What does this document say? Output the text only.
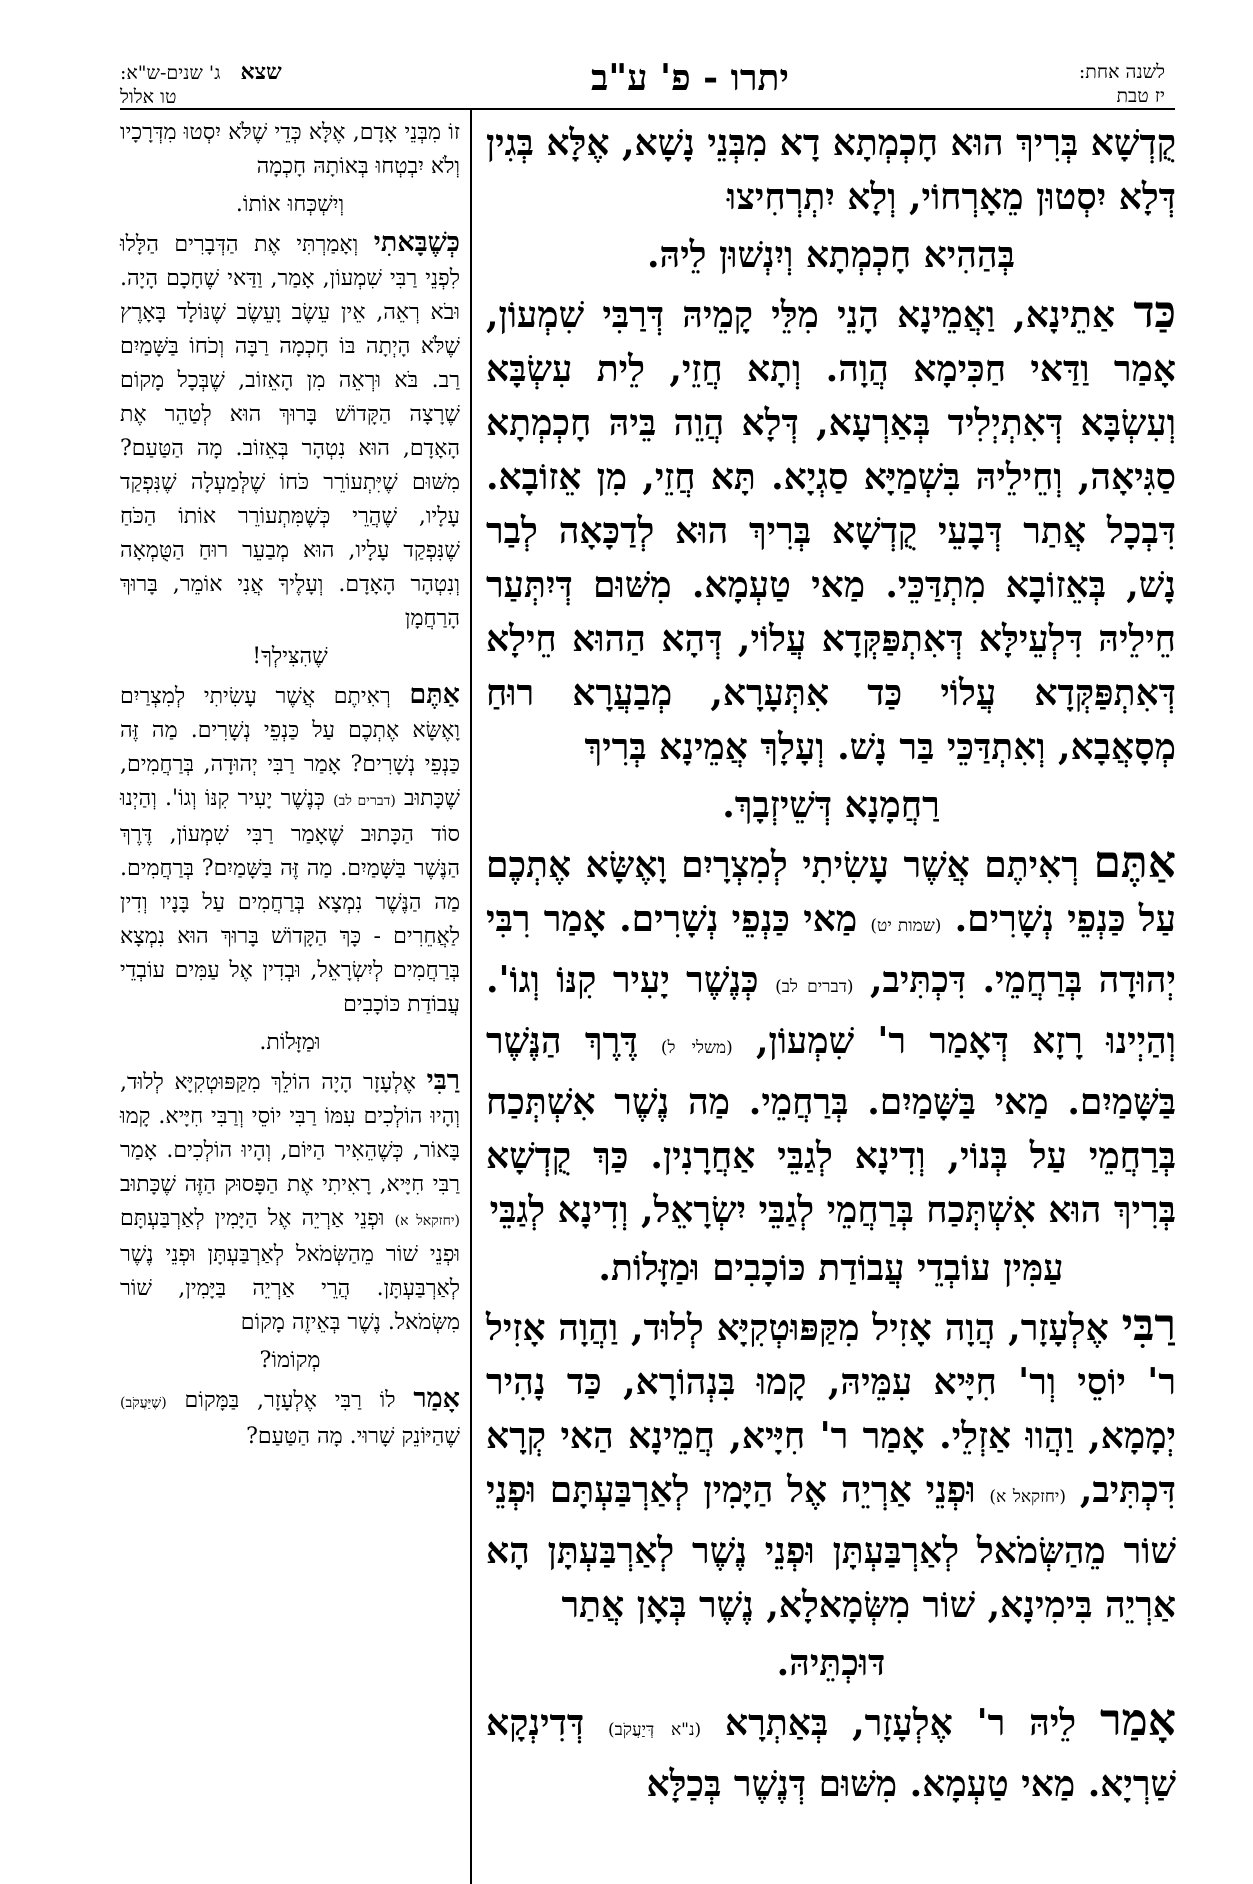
לשנה אחת:
יז טבת
יתרו - פ' ע"ב
שצא ג' שנים-ש"א:
טו אלול

קֻדְשָׁא בְּרִיךְ הוּא חָכְמְתָא דָא מִבְּנֵי נָשָׁא, אֶלָּא בְּגִין דְּלָא יִסְטוּן מֵאָרְחוֹי, וְלָא יִתְרְחִיצוּ

בְּהַהִיא חָכְמְתָא וְיִנְשׁוּן לֵיהּ.

כַּד אַתֵינָא, וַאֲמֵינָא הָנֵי מִלֵּי קָמֵיהּ דְּרַבִּי שִׁמְעוֹן, אָמַר וַדַּאי חַכִּימָא הֲוָה. וְתָא חֲזֵי, לֵית עִשְׂבָּא וְעִשְׂבָּא דְּאִתְיְלִיד בְּאַרְעָא, דְּלָא הֲוֵה בֵּיהּ חָכְמְתָא סַגִּיאָה, וְחֵילֵיהּ בִּשְׁמַיָּא סַגְיָא. תָּא חֲזֵי, מִן אֵזוֹבָא. דִּבְכָל אֲתַר דְּבָעֵי קֻדְשָׁא בְּרִיךְ הוּא לְדַכָּאָה לְבַר נָשׁ, בְּאֵזוֹבָא מִתְדַּכֵּי. מַאי טַעְמָא. מִשּׁוּם דְּיִתְּעַר חֵילֵיהּ דִּלְעֵילָּא דְּאִתְפַּקְּדָא עֲלוֹי, דְּהָא הַהוּא חֵילָא דְּאִתְפַּקְּדָא עֲלוֹי כַּד אִתְּעָרָא, מְבַעֲרָא רוּחַ מְסָאֲבָא, וְאִתְדַּכֵּי בַּר נָשׁ. וְעָלָךְ אֲמֵינָא בְּרִיךְ

רַחֲמָנָא דְּשֵׁיזְבָךְ.

אַתֶּם רְאִיתֶם אֲשֶׁר עָשִׂיתִי לְמִצְרָיִם וָאֶשָּׂא אֶתְכֶם עַל כַּנְפֵי נְשָׁרִים. (שמות יט) מַאי כַּנְפֵי נְשָׁרִים. אָמַר רִבִּי יְהוּדָה בְּרַחֲמֵי. דִּכְתִּיב, (דברים לב) כְּנֶשֶׁר יָעִיר קִנּוֹ וְגוֹ'. וְהַיְינוּ רָזָא דְּאָמַר ר' שִׁמְעוֹן, (משלי ל) דֶּרֶךְ הַנֶּשֶׁר בַּשָּׁמַיִם. מַאי בַּשָּׁמַיִם. בְּרַחֲמֵי. מַה נֶשֶׁר אִשְׁתְּכַח בְּרַחֲמֵי עַל בְּנוֹי, וְדִינָא לְגַבֵּי אַחֲרָנִין. כַּךְ קֻדְשָׁא בְּרִיךְ הוּא אִשְׁתְּכַח בְּרַחֲמֵי לְגַבֵּי יִשְׂרָאֵל, וְדִינָא לְגַבֵּי

עַמִּין עוֹבְדֵי עֲבוֹדַת כּוֹכָבִים וּמַזָּלוֹת.

רַבִּי אֶלְעָזָר, הֲוָה אָזִיל מִקַּפּוּטְקִיָּא לְלוּד, וַהֲוָה אָזִיל ר' יוֹסֵי וְר' חִיָּיא עִמֵּיהּ, קָמוּ בִּנְהוֹרָא, כַּד נָהִיר יְמָמָא, וַהֲווּ אַזְלֵי. אָמַר ר' חִיָּיא, חֲמֵינָא הַאי קְרָא דִּכְתִּיב, (יחזקאל א) וּפְנֵי אַרְיֵה אֶל הַיָּמִין לְאַרְבַּעְתָּם וּפְנֵי שׁוֹר מֵהַשְּׂמֹאל לְאַרְבַּעְתָּן וּפְנֵי נֶשֶׁר לְאַרְבַּעְתָּן הָא אַרְיֵה בִּימִינָא, שׁוֹר מִשְּׂמָאלָא, נֶשֶׁר בְּאָן אֲתַר

דּוּכְתֵּיהּ.

אָמַר לֵיהּ ר' אֶלְעָזָר, בְּאַתְרָא (נ"א דְּיַעֲקֹב) דְּדִינְקָא שַׁרְיָא. מַאי טַעְמָא. מִשּׁוּם דְּנֶשֶׁר בְּכַלָּא

זוֹ מִבְּנֵי אָדָם, אֶלָּא כְּדֵי שֶׁלֹּא יִסְטוּ מִדְּרָכָיו וְלֹא יִבְטְחוּ בְּאוֹתָהּ חָכְמָה

וְיִשְׁכְּחוּ אוֹתוֹ.

כְּשֶׁבָּאתִי וְאָמַרְתִּי אֶת הַדְּבָרִים הַלָּלוּ לִפְנֵי רַבִּי שִׁמְעוֹן, אָמַר, וַדַּאי שֶׁחָכָם הָיָה. וּבֹא רְאֵה, אֵין עֵשֶׂב וָעֵשֶׂב שֶׁנּוֹלָד בָּאָרֶץ שֶׁלֹּא הָיְתָה בּוֹ חָכְמָה רַבָּה וְכֹחוֹ בַּשָּׁמַיִם רַב. בֹּא וּרְאֵה מִן הָאֵזוֹב, שֶׁבְּכָל מָקוֹם שֶׁרָצָה הַקָּדוֹשׁ בָּרוּךְ הוּא לְטַהֵר אֶת הָאָדָם, הוּא נִטְהָר בְּאֵזוֹב. מָה הַטַּעַם? מִשּׁוּם שֶׁיִּתְעוֹרֵר כֹּחוֹ שֶׁלְּמַעְלָה שֶׁנִּפְקַד עָלָיו, שֶׁהֲרֵי כְּשֶׁמִּתְעוֹרֵר אוֹתוֹ הַכֹּחַ שֶׁנִּפְקַד עָלָיו, הוּא מְבַעֵר רוּחַ הַטֻּמְאָה וְנִטְהָר הָאָדָם. וְעָלֶיךָ אֲנִי אוֹמֵר, בָּרוּךְ הָרַחֲמָן

שֶׁהִצִּילְךָ!

אַתֶּם רְאִיתֶם אֲשֶׁר עָשִׂיתִי לְמִצְרַיִם וָאֶשָּׂא אֶתְכֶם עַל כַּנְפֵי נְשָׁרִים. מַה זֶּה כַּנְפֵי נְשָׁרִים? אָמַר רַבִּי יְהוּדָה, בְּרַחֲמִים, שֶׁכָּתוּב (דברים לב) כְּנֶשֶׁר יָעִיר קִנּוֹ וְגוֹ'. וְהַיְנוּ סוֹד הַכָּתוּב שֶׁאָמַר רַבִּי שִׁמְעוֹן, דֶּרֶךְ הַנֶּשֶׁר בַּשָּׁמַיִם. מַה זֶּה בַּשָּׁמַיִם? בְּרַחֲמִים. מַה הַנֶּשֶׁר נִמְצָא בְּרַחֲמִים עַל בָּנָיו וְדִין לַאֲחֵרִים - כָּךְ הַקָּדוֹשׁ בָּרוּךְ הוּא נִמְצָא בְּרַחֲמִים לְיִשְׂרָאֵל, וּבְדִין אֶל עַמִּים עוֹבְדֵי עֲבוֹדַת כּוֹכָבִים

וּמַזָּלוֹת.

רַבִּי אֶלְעָזָר הָיָה הוֹלֵךְ מִקַּפּוּטְקִיָּא לְלוּד, וְהָיוּ הוֹלְכִים עִמּוֹ רַבִּי יוֹסֵי וְרַבִּי חִיָּיא. קָמוּ בָּאוֹר, כְּשֶׁהֵאִיר הַיּוֹם, וְהָיוּ הוֹלְכִים. אָמַר רַבִּי חִיָּיא, רָאִיתִי אֶת הַפָּסוּק הַזֶּה שֶׁכָּתוּב (יחזקאל א) וּפְנֵי אַרְיֵה אֶל הַיָּמִין לְאַרְבַּעְתָּם וּפְנֵי שׁוֹר מֵהַשְּׂמֹאל לְאַרְבַּעְתָּן וּפְנֵי נֶשֶׁר לְאַרְבַּעְתָּן. הֲרֵי אַרְיֵה בַּיָּמִין, שׁוֹר מִשְּׂמֹאל. נֶשֶׁר בְּאֵיזֶה מָקוֹם

מְקוֹמוֹ?

אָמַר לוֹ רַבִּי אֶלְעָזָר, בַּמָּקוֹם (שֶׁיַּעֲקֹב) שֶׁהַיּוֹנֵק שָׁרוּי. מָה הַטַּעַם?
